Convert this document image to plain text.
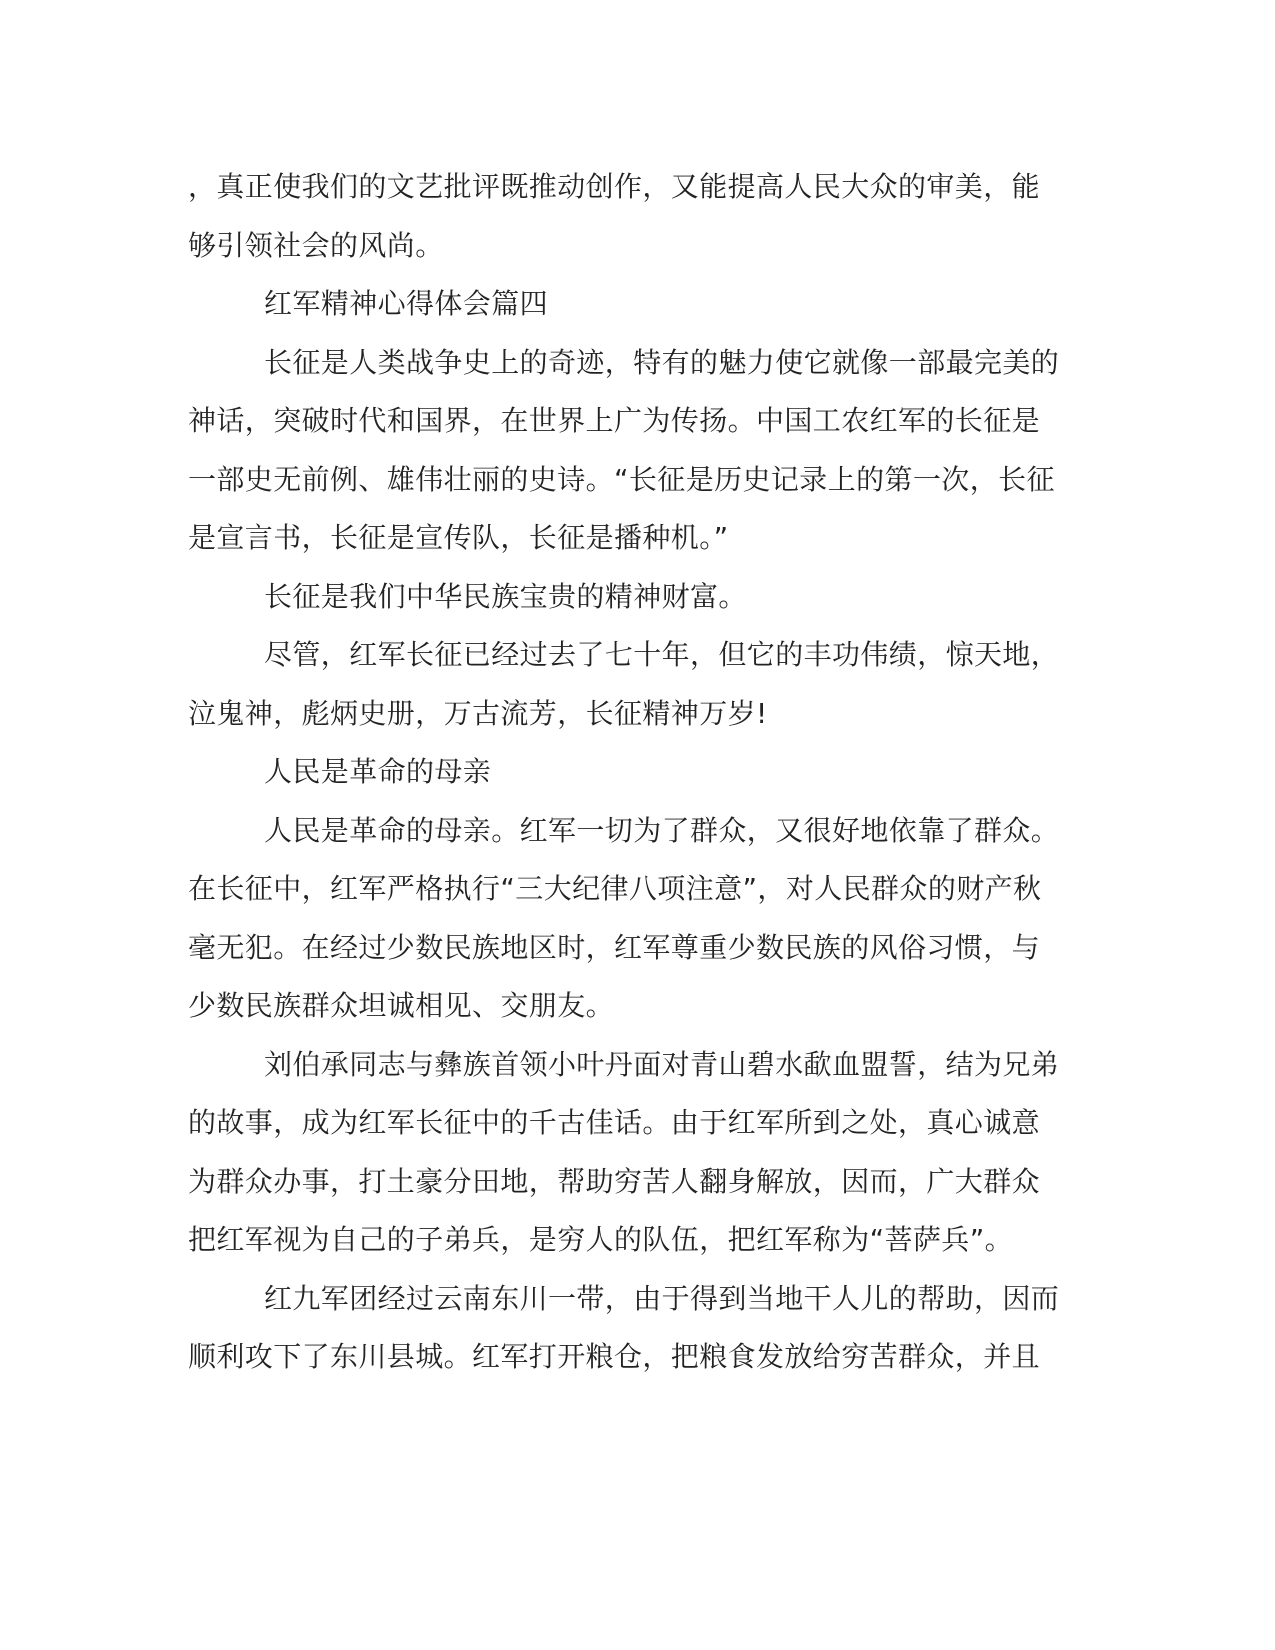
，真正使我们的文艺批评既推动创作，又能提高人民大众的审美，能够引领社会的风尚。

红军精神心得体会篇四

长征是人类战争史上的奇迹，特有的魅力使它就像一部最完美的神话，突破时代和国界，在世界上广为传扬。中国工农红军的长征是一部史无前例、雄伟壮丽的史诗。“长征是历史记录上的第一次，长征是宣言书，长征是宣传队，长征是播种机。”

长征是我们中华民族宝贵的精神财富。

尽管，红军长征已经过去了七十年，但它的丰功伟绩，惊天地，泣鬼神，彪炳史册，万古流芳，长征精神万岁!

人民是革命的母亲

人民是革命的母亲。红军一切为了群众，又很好地依靠了群众。在长征中，红军严格执行“三大纪律八项注意”，对人民群众的财产秋毫无犯。在经过少数民族地区时，红军尊重少数民族的风俗习惯，与少数民族群众坦诚相见、交朋友。

刘伯承同志与彝族首领小叶丹面对青山碧水歃血盟誓，结为兄弟的故事，成为红军长征中的千古佳话。由于红军所到之处，真心诚意为群众办事，打土豪分田地，帮助穷苦人翻身解放，因而，广大群众把红军视为自己的子弟兵，是穷人的队伍，把红军称为“菩萨兵”。

红九军团经过云南东川一带，由于得到当地干人儿的帮助，因而顺利攻下了东川县城。红军打开粮仓，把粮食发放给穷苦群众，并且
